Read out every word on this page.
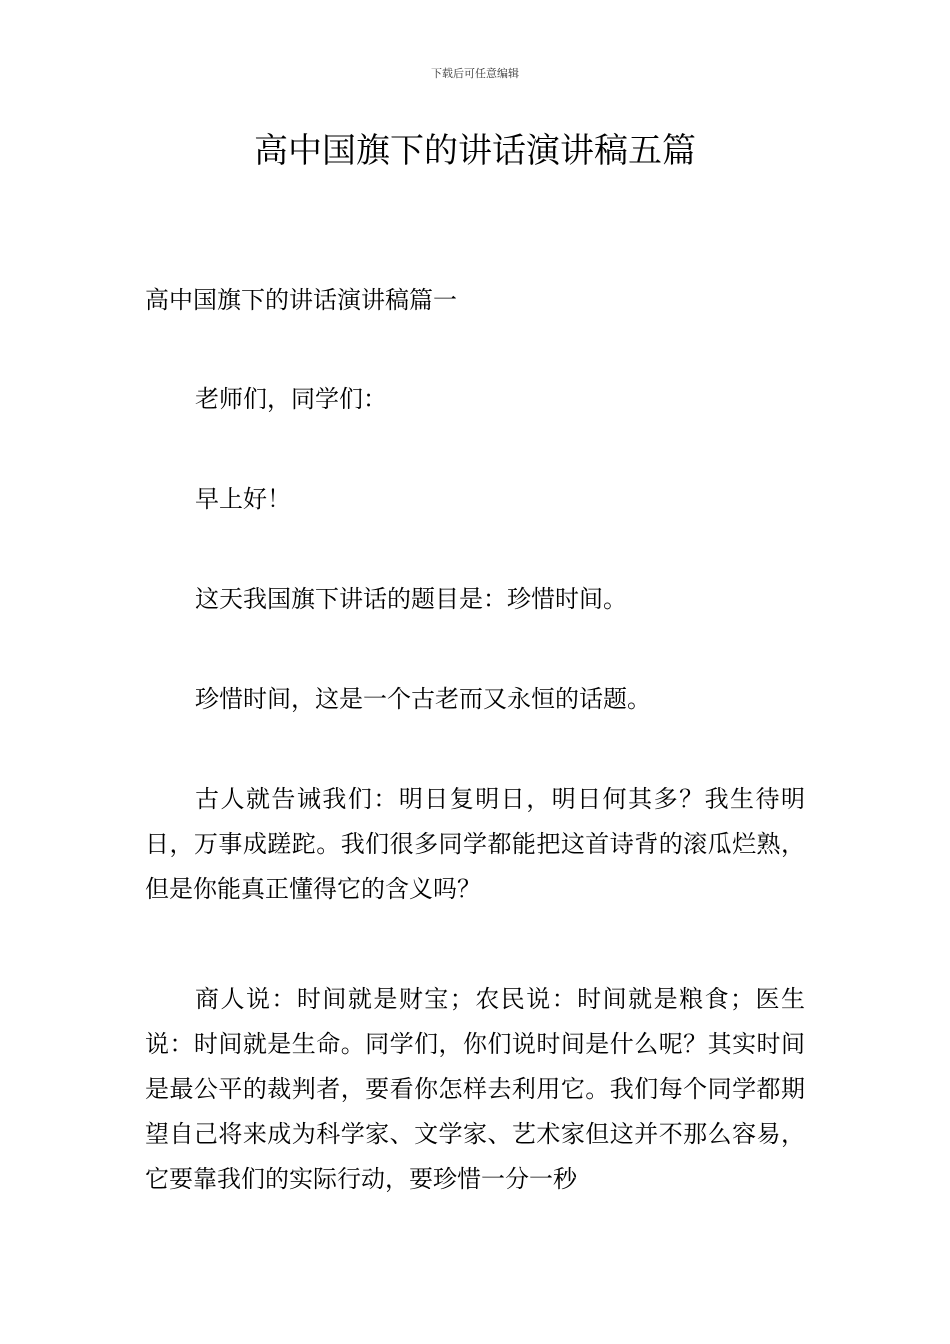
下载后可任意编辑
高中国旗下的讲话演讲稿五篇
高中国旗下的讲话演讲稿篇一

老师们，同学们：

早上好！

这天我国旗下讲话的题目是：珍惜时间。

珍惜时间，这是一个古老而又永恒的话题。

古人就告诫我们：明日复明日，明日何其多？我生待明日，万事成蹉跎。我们很多同学都能把这首诗背的滚瓜烂熟，但是你能真正懂得它的含义吗？

商人说：时间就是财宝；农民说：时间就是粮食；医生说：时间就是生命。同学们，你们说时间是什么呢？其实时间是最公平的裁判者，要看你怎样去利用它。我们每个同学都期望自己将来成为科学家、文学家、艺术家但这并不那么容易，它要靠我们的实际行动，要珍惜一分一秒
